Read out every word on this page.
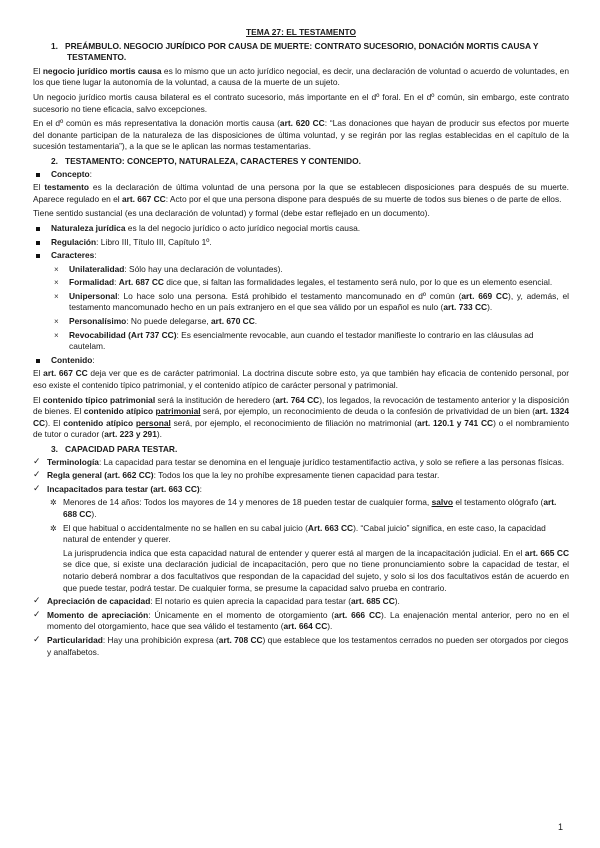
TEMA 27: EL TESTAMENTO
1. PREÁMBULO. NEGOCIO JURÍDICO POR CAUSA DE MUERTE: CONTRATO SUCESORIO, DONACIÓN MORTIS CAUSA Y TESTAMENTO.

El negocio jurídico mortis causa es lo mismo que un acto jurídico negocial, es decir, una declaración de voluntad o acuerdo de voluntades, en los que tiene lugar la autonomía de la voluntad, a causa de la muerte de un sujeto.

Un negocio jurídico mortis causa bilateral es el contrato sucesorio, más importante en el dº foral. En el dº común, sin embargo, este contrato sucesorio no tiene eficacia, salvo excepciones.

En el dº común es más representativa la donación mortis causa (art. 620 CC: “Las donaciones que hayan de producir sus efectos por muerte del donante participan de la naturaleza de las disposiciones de última voluntad, y se regirán por las reglas establecidas en el capítulo de la sucesión testamentaria”), a la que se le aplican las normas testamentarias.

2. TESTAMENTO: CONCEPTO, NATURALEZA, CARACTERES Y CONTENIDO.
Concepto:

El testamento es la declaración de última voluntad de una persona por la que se establecen disposiciones para después de su muerte. Aparece regulado en el art. 667 CC: Acto por el que una persona dispone para después de su muerte de todos sus bienes o de parte de ellos.

Tiene sentido sustancial (es una declaración de voluntad) y formal (debe estar reflejado en un documento).

Naturaleza jurídica es la del negocio jurídico o acto jurídico negocial mortis causa.
Regulación: Libro III, Título III, Capítulo 1º.
Caracteres:
× Unilateralidad: Sólo hay una declaración de voluntades).
× Formalidad: Art. 687 CC dice que, si faltan las formalidades legales, el testamento será nulo, por lo que es un elemento esencial.
× Unipersonal: Lo hace solo una persona. Está prohibido el testamento mancomunado en dº común (art. 669 CC), y, además, el testamento mancomunado hecho en un país extranjero en el que sea válido por un español es nulo (art. 733 CC).
× Personalísimo: No puede delegarse, art. 670 CC.
× Revocabilidad (Art 737 CC): Es esencialmente revocable, aun cuando el testador manifieste lo contrario en las cláusulas ad cautelam.
Contenido:

El art. 667 CC deja ver que es de carácter patrimonial. La doctrina discute sobre esto, ya que también hay eficacia de contenido personal, por eso existe el contenido típico patrimonial, y el contenido atípico de carácter personal y patrimonial.

El contenido típico patrimonial será la institución de heredero (art. 764 CC), los legados, la revocación de testamento anterior y la disposición de bienes. El contenido atípico patrimonial será, por ejemplo, un reconocimiento de deuda o la confesión de privatividad de un bien (art. 1324 CC). El contenido atípico personal será, por ejemplo, el reconocimiento de filiación no matrimonial (art. 120.1 y 741 CC) o el nombramiento de tutor o curador (art. 223 y 291).

3. CAPACIDAD PARA TESTAR.
✓ Terminología: La capacidad para testar se denomina en el lenguaje jurídico testamentifactio activa, y solo se refiere a las personas físicas.
✓ Regla general (art. 662 CC): Todos los que la ley no prohíbe expresamente tienen capacidad para testar.
✓ Incapacitados para testar (art. 663 CC):
✲ Menores de 14 años: Todos los mayores de 14 y menores de 18 pueden testar de cualquier forma, salvo el testamento ológrafo (art. 688 CC).
✲ El que habitual o accidentalmente no se hallen en su cabal juicio (Art. 663 CC). “Cabal juicio” significa, en este caso, la capacidad natural de entender y querer.

La jurisprudencia indica que esta capacidad natural de entender y querer está al margen de la incapacitación judicial. En el art. 665 CC se dice que, si existe una declaración judicial de incapacitación, pero que no tiene pronunciamiento sobre la capacidad de testar, el notario deberá nombrar a dos facultativos que respondan de la capacidad del sujeto, y solo si los dos facultativos están de acuerdo en que puede testar, podrá testar. De cualquier forma, se presume la capacidad salvo prueba en contrario.

✓ Apreciación de capacidad: El notario es quien aprecia la capacidad para testar (art. 685 CC).
✓ Momento de apreciación: Únicamente en el momento de otorgamiento (art. 666 CC). La enajenación mental anterior, pero no en el momento del otorgamiento, hace que sea válido el testamento (art. 664 CC).
✓ Particularidad: Hay una prohibición expresa (art. 708 CC) que establece que los testamentos cerrados no pueden ser otorgados por ciegos y analfabetos.
1
